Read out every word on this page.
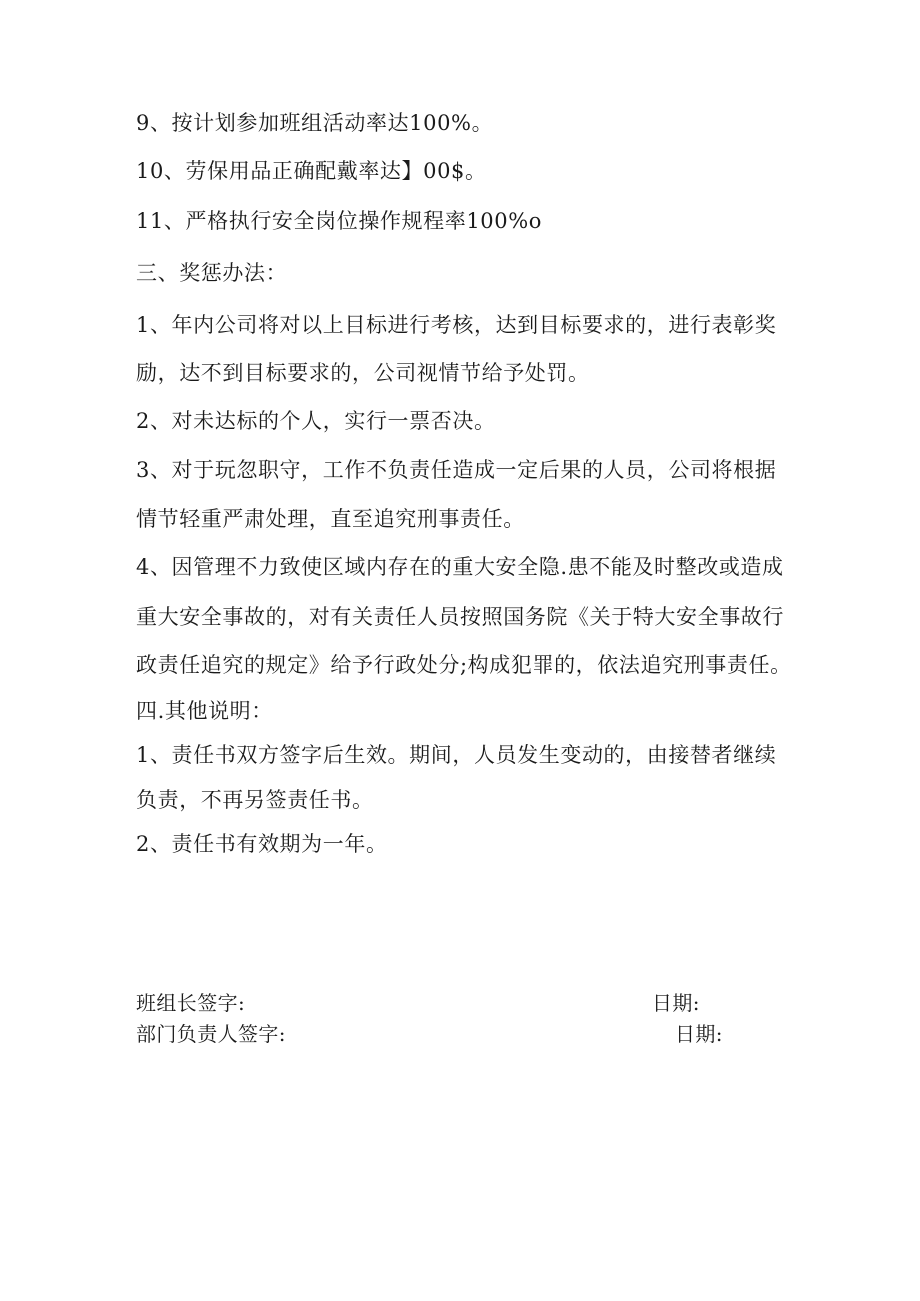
9、按计划参加班组活动率达100%。
10、劳保用品正确配戴率达】00$。
11、严格执行安全岗位操作规程率100%o
三、奖惩办法：
1、年内公司将对以上目标进行考核，达到目标要求的，进行表彰奖
励，达不到目标要求的，公司视情节给予处罚。
2、对未达标的个人，实行一票否决。
3、对于玩忽职守，工作不负责任造成一定后果的人员，公司将根据
情节轻重严肃处理，直至追究刑事责任。
4、因管理不力致使区域内存在的重大安全隐.患不能及时整改或造成
重大安全事故的，对有关责任人员按照国务院《关于特大安全事故行
政责任追究的规定》给予行政处分;构成犯罪的，依法追究刑事责任。
四.其他说明：
1、责任书双方签字后生效。期间，人员发生变动的，由接替者继续
负责，不再另签责任书。
2、责任书有效期为一年。
班组长签字:	日期:
部门负责人签字:	日期:
